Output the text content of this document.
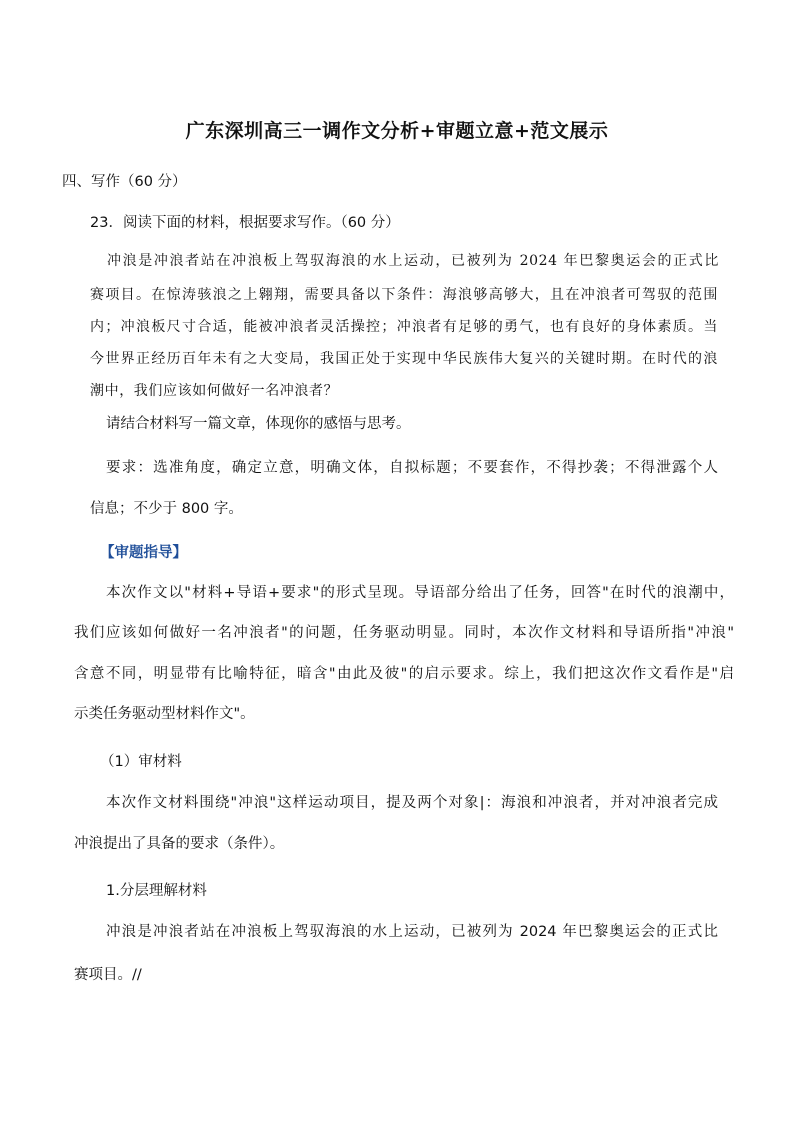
广东深圳高三一调作文分析+审题立意+范文展示
四、写作（60 分）
23．阅读下面的材料，根据要求写作。（60 分）
冲浪是冲浪者站在冲浪板上驾驭海浪的水上运动，已被列为 2024 年巴黎奥运会的正式比
赛项目。在惊涛骇浪之上翱翔，需要具备以下条件：海浪够高够大，且在冲浪者可驾驭的范围
内；冲浪板尺寸合适，能被冲浪者灵活操控；冲浪者有足够的勇气，也有良好的身体素质。当
今世界正经历百年未有之大变局，我国正处于实现中华民族伟大复兴的关键时期。在时代的浪
潮中，我们应该如何做好一名冲浪者？
请结合材料写一篇文章，体现你的感悟与思考。
要求：选准角度，确定立意，明确文体，自拟标题；不要套作，不得抄袭；不得泄露个人
信息；不少于 800 字。
【审题指导】
本次作文以"材料+导语+要求"的形式呈现。导语部分给出了任务，回答"在时代的浪潮中，
我们应该如何做好一名冲浪者"的问题，任务驱动明显。同时，本次作文材料和导语所指"冲浪"
含意不同，明显带有比喻特征，暗含"由此及彼"的启示要求。综上，我们把这次作文看作是"启
示类任务驱动型材料作文"。
（1）审材料
本次作文材料围绕"冲浪"这样运动项目，提及两个对象|：海浪和冲浪者，并对冲浪者完成
冲浪提出了具备的要求（条件）。
1.分层理解材料
冲浪是冲浪者站在冲浪板上驾驭海浪的水上运动，已被列为 2024 年巴黎奥运会的正式比
赛项目。//
